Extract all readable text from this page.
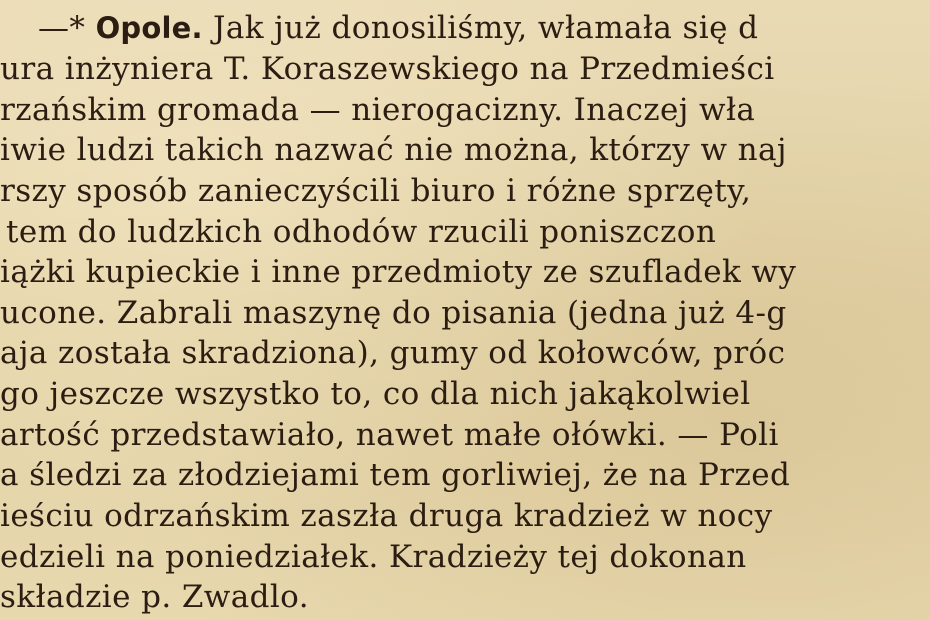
—* Opole. Jak już donosiliśmy, włamała się d
ura inżyniera T. Koraszewskiego na Przedmieści
rzańskim gromada — nierogacizny. Inaczej wła
iwie ludzi takich nazwać nie można, którzy w naj
rszy sposób zanieczyścili biuro i różne sprzęty,
tem do ludzkich odhodów rzucili poniszczon
iążki kupieckie i inne przedmioty ze szufladek wy
ucone. Zabrali maszynę do pisania (jedna już 4-g
aja została skradziona), gumy od kołowców, próc
go jeszcze wszystko to, co dla nich jakąkolwiel
artość przedstawiało, nawet małe ołówki. — Poli
a śledzi za złodziejami tem gorliwiej, że na Przed
ieściu odrzańskim zaszła druga kradzież w nocy
edzieli na poniedziałek. Kradzieży tej dokonan
składzie p. Zwadlo.
